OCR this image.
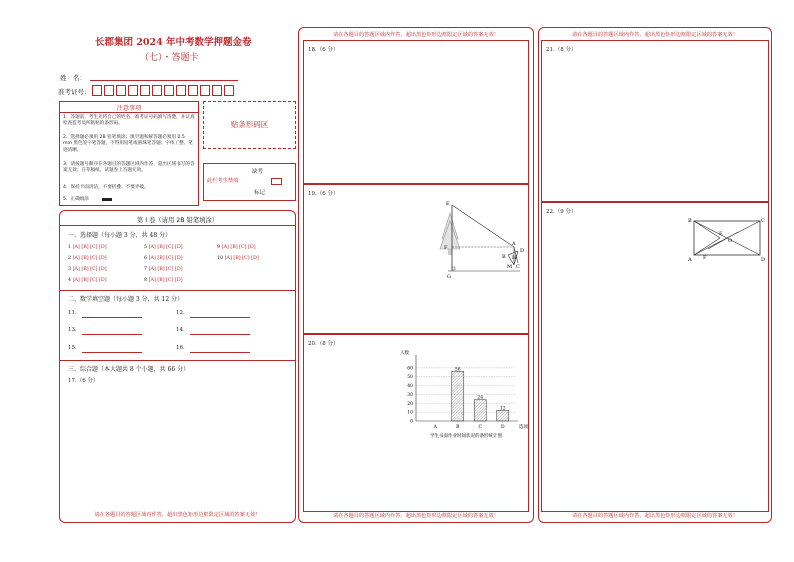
长郡集团 2024 年中考数学押题金卷
（七）・答题卡
姓　名：
准考证号：
注意事项
1．答题前，考生先将自己的姓名、准考证号码填写清楚，并认真检查监考员所粘贴的条形码。
2．选择题必须用 2B 铅笔填涂；填空题和解答题必须用 0.5 mm 黑色签字笔答题，不得用铅笔或圆珠笔答题；字体工整、笔迹清晰。
3．请按题号顺序在各题目的答题区域内作答，超出区域书写的答案无效；在草稿纸、试题卷上答题无效。
4．保持卡面清洁，不要折叠、不要弄破。
5．正确填涂
贴条形码区
缺考
此栏考生禁填
标记
第 I 卷（请用 2B 铅笔填涂）
一、选择题（每小题 3 分，共 48 分）
1 [A] [B] [C] [D]
2 [A] [B] [C] [D]
3 [A] [B] [C] [D]
4 [A] [B] [C] [D]
5 [A] [B] [C] [D]
6 [A] [B] [C] [D]
7 [A] [B] [C] [D]
8 [A] [B] [C] [D]
9 [A] [B] [C] [D]
10 [A] [B] [C] [D]
二、数学填空题（每小题 3 分，共 12 分）
11.	12.
13.	14.
15.	16.
三、综合题（本大题共 8 个小题，共 66 分）
17.（6 分）
请在各题目的答题区域内作答，超出黑色矩形边框限定区域的答案无效！
请在各题目的答题区域内作答，超出黑色矩形边框限定区域的答案无效！
18.（6 分）
19.（6 分）
E
F
G
A
B H
D
M C
20.（8 分）
0
10
20
30
40
50
60
人数
选项
A	B
56
C
24
D
12
学生书面作业时间状况的条形统计图
请在各题目的答题区域内作答，超出黑色矩形边框限定区域的答案无效！
请在各题目的答题区域内作答，超出黑色矩形边框限定区域的答案无效！
21.（8 分）
22.（9 分）
B	C
E
O
A F	D
请在各题目的答题区域内作答，超出黑色矩形边框限定区域的答案无效！
